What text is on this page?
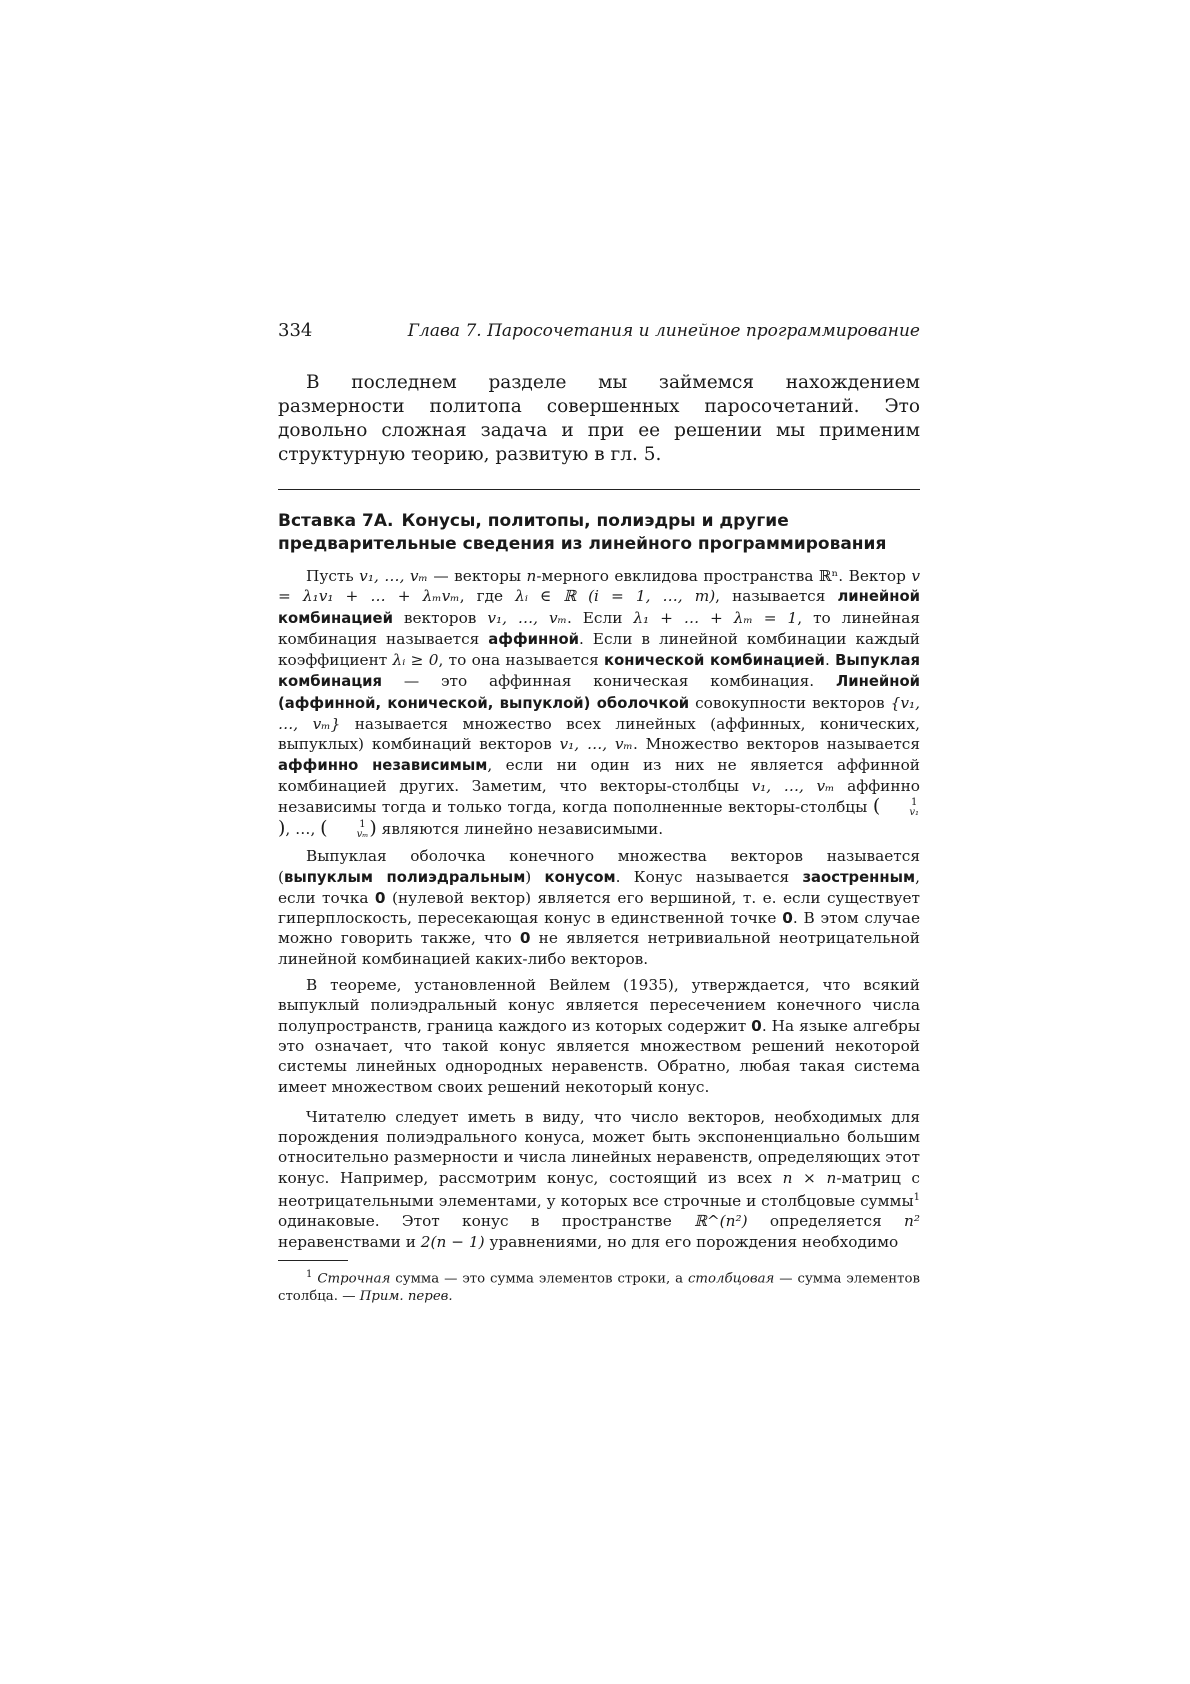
334	Глава 7. Паросочетания и линейное программирование

В последнем разделе мы займемся нахождением размерности политопа совершенных паросочетаний. Это довольно сложная задача и при ее решении мы применим структурную теорию, развитую в гл. 5.

Вставка 7А. Конусы, политопы, полиэдры и другие предварительные сведения из линейного программирования

Пусть v₁, …, vₘ — векторы n-мерного евклидова пространства ℝⁿ. Вектор v = λ₁v₁ + … + λₘvₘ, где λᵢ ∈ ℝ (i = 1, …, m), называется линейной комбинацией векторов v₁, …, vₘ. Если λ₁ + … + λₘ = 1, то линейная комбинация называется аффинной. Если в линейной комбинации каждый коэффициент λᵢ ≥ 0, то она называется конической комбинацией. Выпуклая комбинация — это аффинная коническая комбинация. Линейной (аффинной, конической, выпуклой) оболочкой совокупности векторов {v₁, …, vₘ} называется множество всех линейных (аффинных, конических, выпуклых) комбинаций векторов v₁, …, vₘ. Множество векторов называется аффинно независимым, если ни один из них не является аффинной комбинацией других. Заметим, что векторы-столбцы v₁, …, vₘ аффинно независимы тогда и только тогда, когда пополненные векторы-столбцы (	1
v₁
), …, (	1
vₘ ) являются линейно независимыми.

Выпуклая оболочка конечного множества векторов называется (выпуклым полиэдральным) конусом. Конус называется заостренным, если точка 0 (нулевой вектор) является его вершиной, т. е. если существует гиперплоскость, пересекающая конус в единственной точке 0. В этом случае можно говорить также, что 0 не является нетривиальной неотрицательной линейной комбинацией каких-либо векторов.

В теореме, установленной Вейлем (1935), утверждается, что всякий выпуклый полиэдральный конус является пересечением конечного числа полупространств, граница каждого из которых содержит 0. На языке алгебры это означает, что такой конус является множеством решений некоторой системы линейных однородных неравенств. Обратно, любая такая система имеет множеством своих решений некоторый конус.

Читателю следует иметь в виду, что число векторов, необходимых для порождения полиэдрального конуса, может быть экспоненциально большим относительно размерности и числа линейных неравенств, определяющих этот конус. Например, рассмотрим конус, состоящий из всех n × n-матриц с неотрицательными элементами, у которых все строчные и столбцовые суммы$^1$ одинаковые. Этот конус в пространстве ℝ^(n²) определяется n² неравенствами и 2(n − 1) уравнениями, но для его порождения необходимо

$^1$ Строчная сумма — это сумма элементов строки, а столбцовая — сумма элементов столбца. — Прим. перев.
